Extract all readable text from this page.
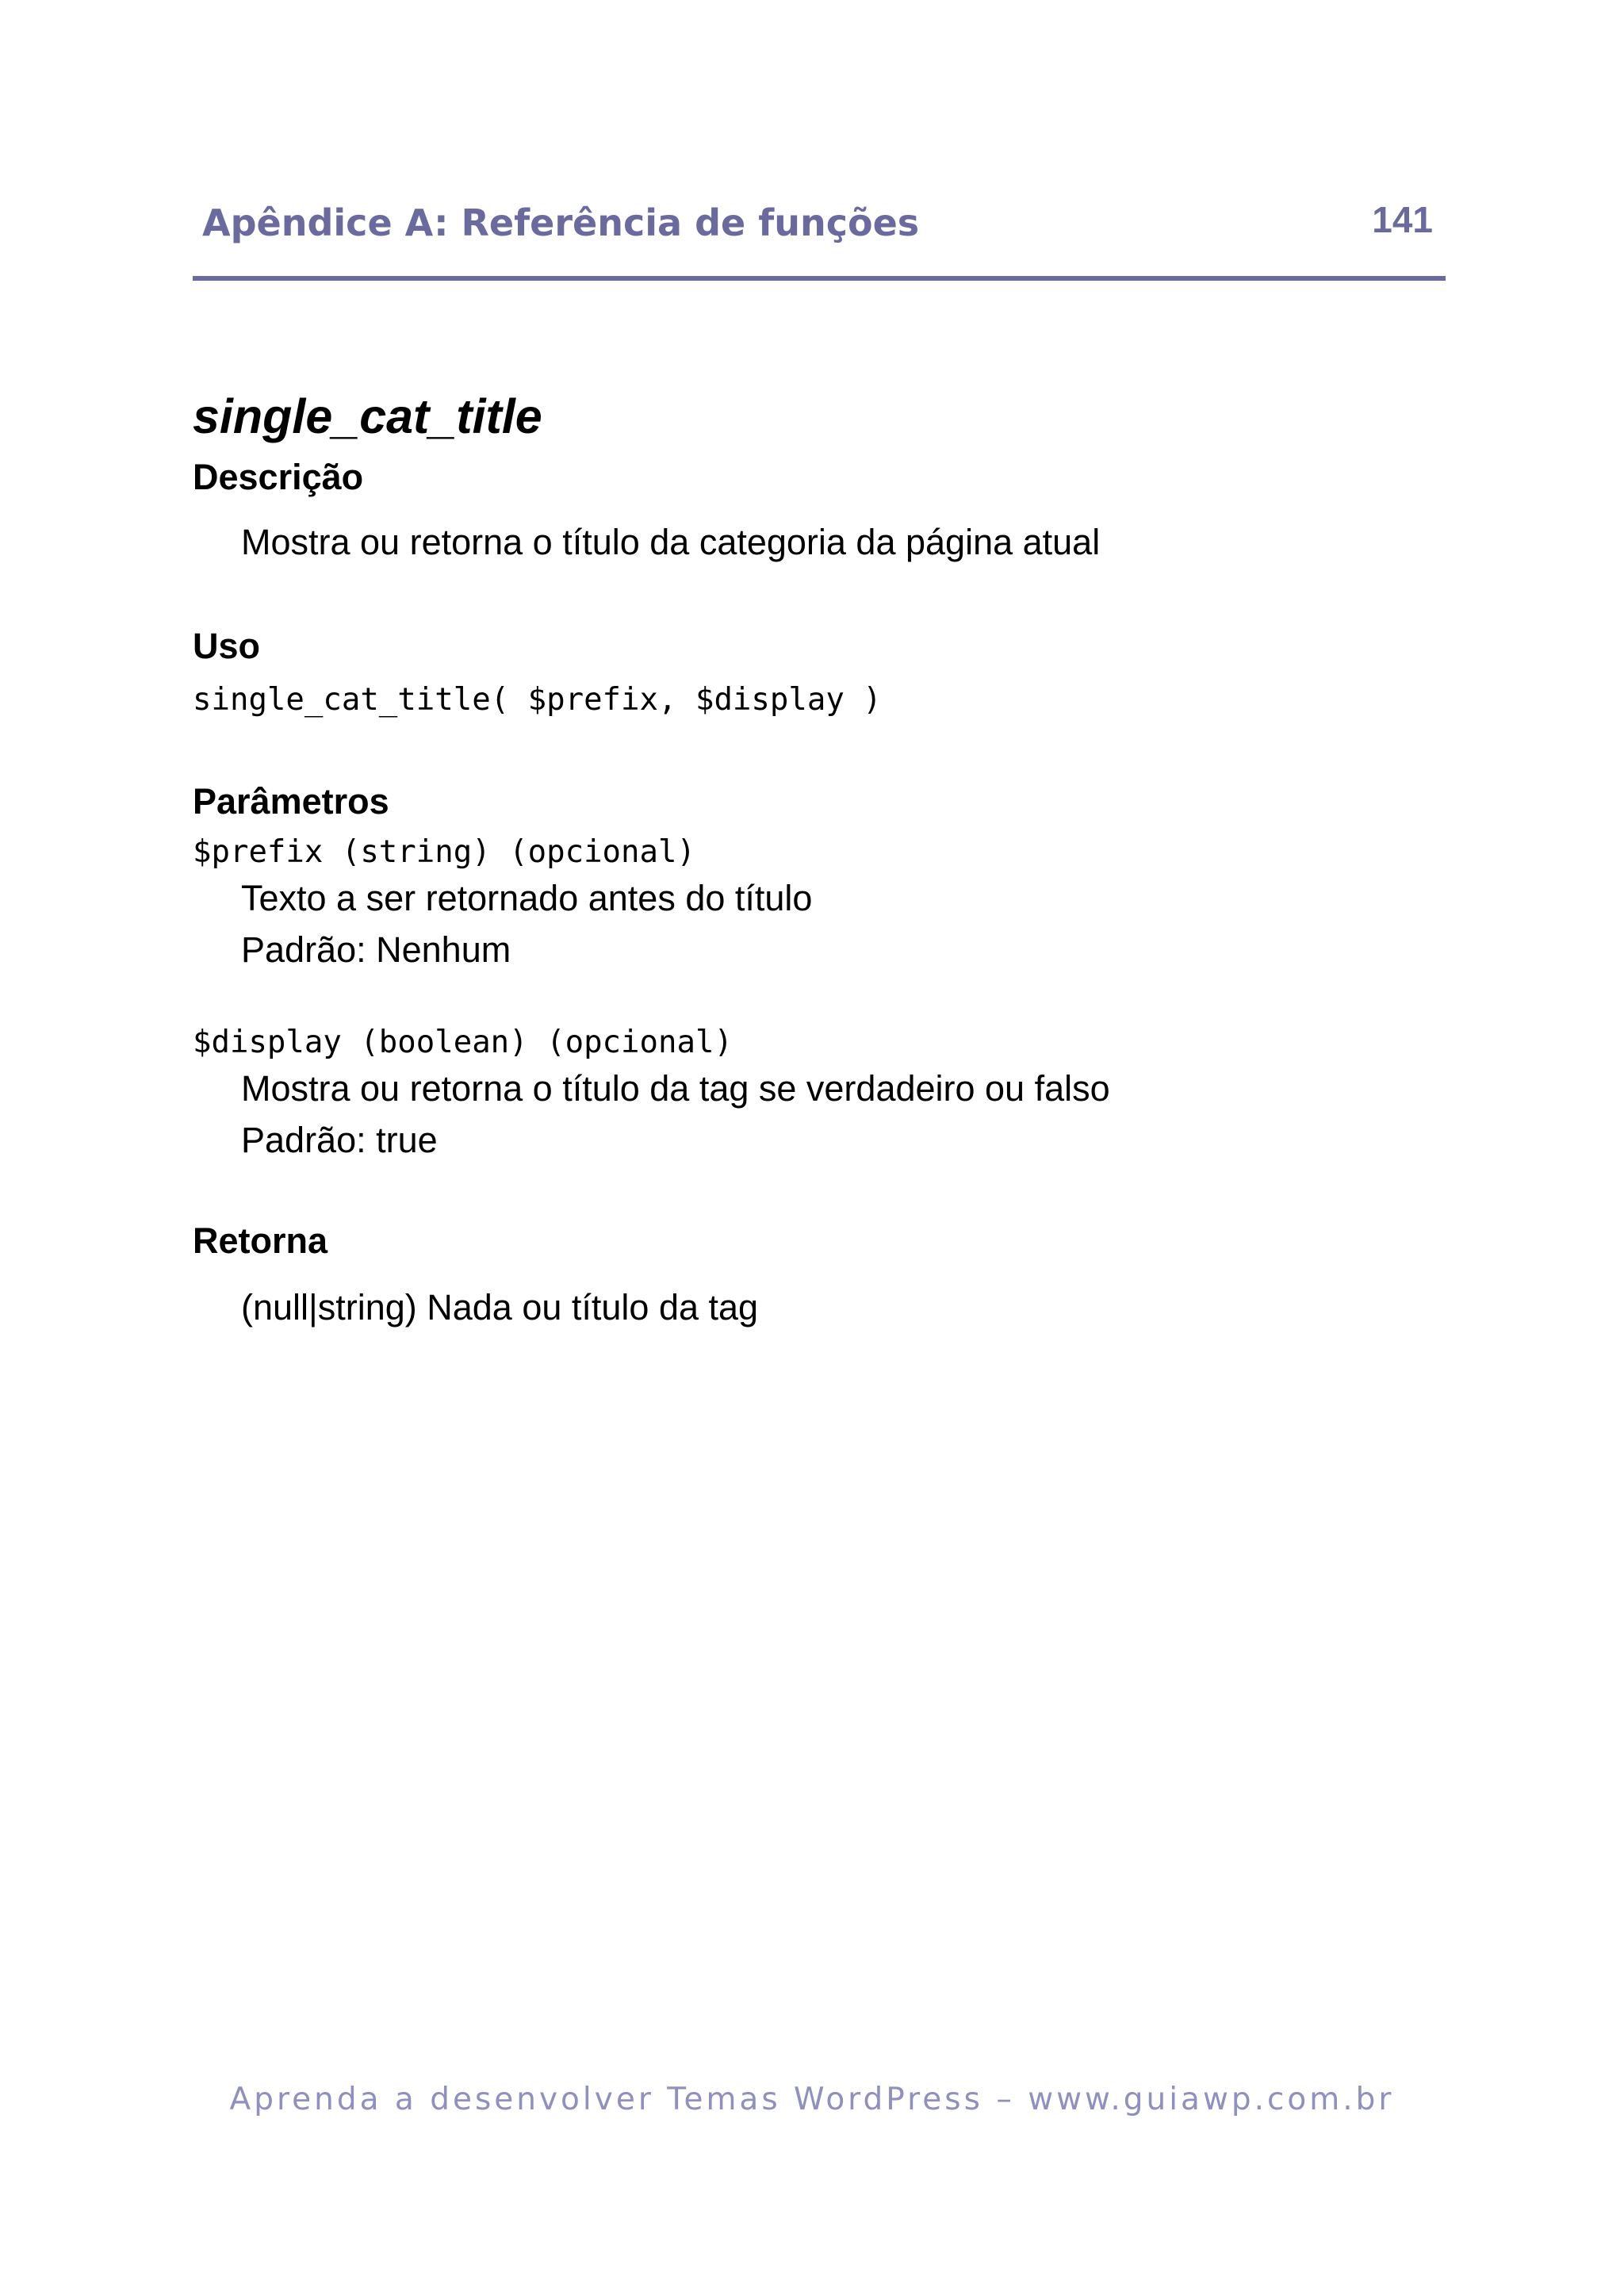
Apêndice A: Referência de funções	141
single_cat_title
Descrição

Mostra ou retorna o título da categoria da página atual

Uso

single_cat_title( $prefix, $display )

Parâmetros

$prefix (string) (opcional)

Texto a ser retornado antes do título

Padrão: Nenhum

$display (boolean) (opcional)

Mostra ou retorna o título da tag se verdadeiro ou falso

Padrão: true

Retorna

(null|string) Nada ou título da tag

Aprenda a desenvolver Temas WordPress – www.guiawp.com.br
